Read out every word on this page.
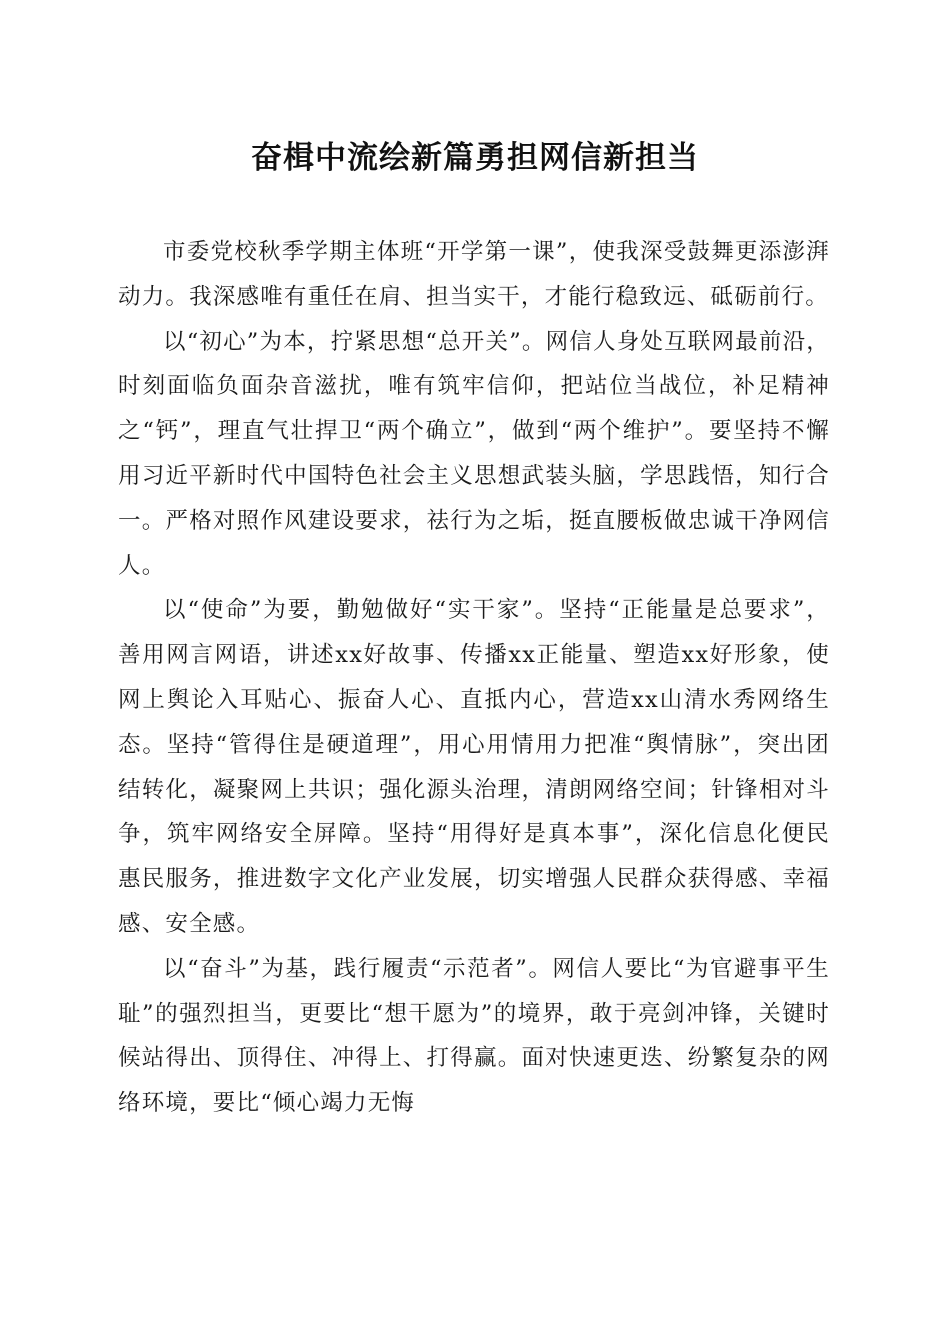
奋楫中流绘新篇勇担网信新担当

市委党校秋季学期主体班“开学第一课”，使我深受鼓舞更添澎湃动力。我深感唯有重任在肩、担当实干，才能行稳致远、砥砺前行。

以“初心”为本，拧紧思想“总开关”。网信人身处互联网最前沿，时刻面临负面杂音滋扰，唯有筑牢信仰，把站位当战位，补足精神之“钙”，理直气壮捍卫“两个确立”，做到“两个维护”。要坚持不懈用习近平新时代中国特色社会主义思想武装头脑，学思践悟，知行合一。严格对照作风建设要求，祛行为之垢，挺直腰板做忠诚干净网信人。

以“使命”为要，勤勉做好“实干家”。坚持“正能量是总要求”，善用网言网语，讲述xx好故事、传播xx正能量、塑造xx好形象，使网上舆论入耳贴心、振奋人心、直抵内心，营造xx山清水秀网络生态。坚持“管得住是硬道理”，用心用情用力把准“舆情脉”，突出团结转化，凝聚网上共识；强化源头治理，清朗网络空间；针锋相对斗争，筑牢网络安全屏障。坚持“用得好是真本事”，深化信息化便民惠民服务，推进数字文化产业发展，切实增强人民群众获得感、幸福感、安全感。

以“奋斗”为基，践行履责“示范者”。网信人要比“为官避事平生耻”的强烈担当，更要比“想干愿为”的境界，敢于亮剑冲锋，关键时候站得出、顶得住、冲得上、打得赢。面对快速更迭、纷繁复杂的网络环境，要比“倾心竭力无悔
